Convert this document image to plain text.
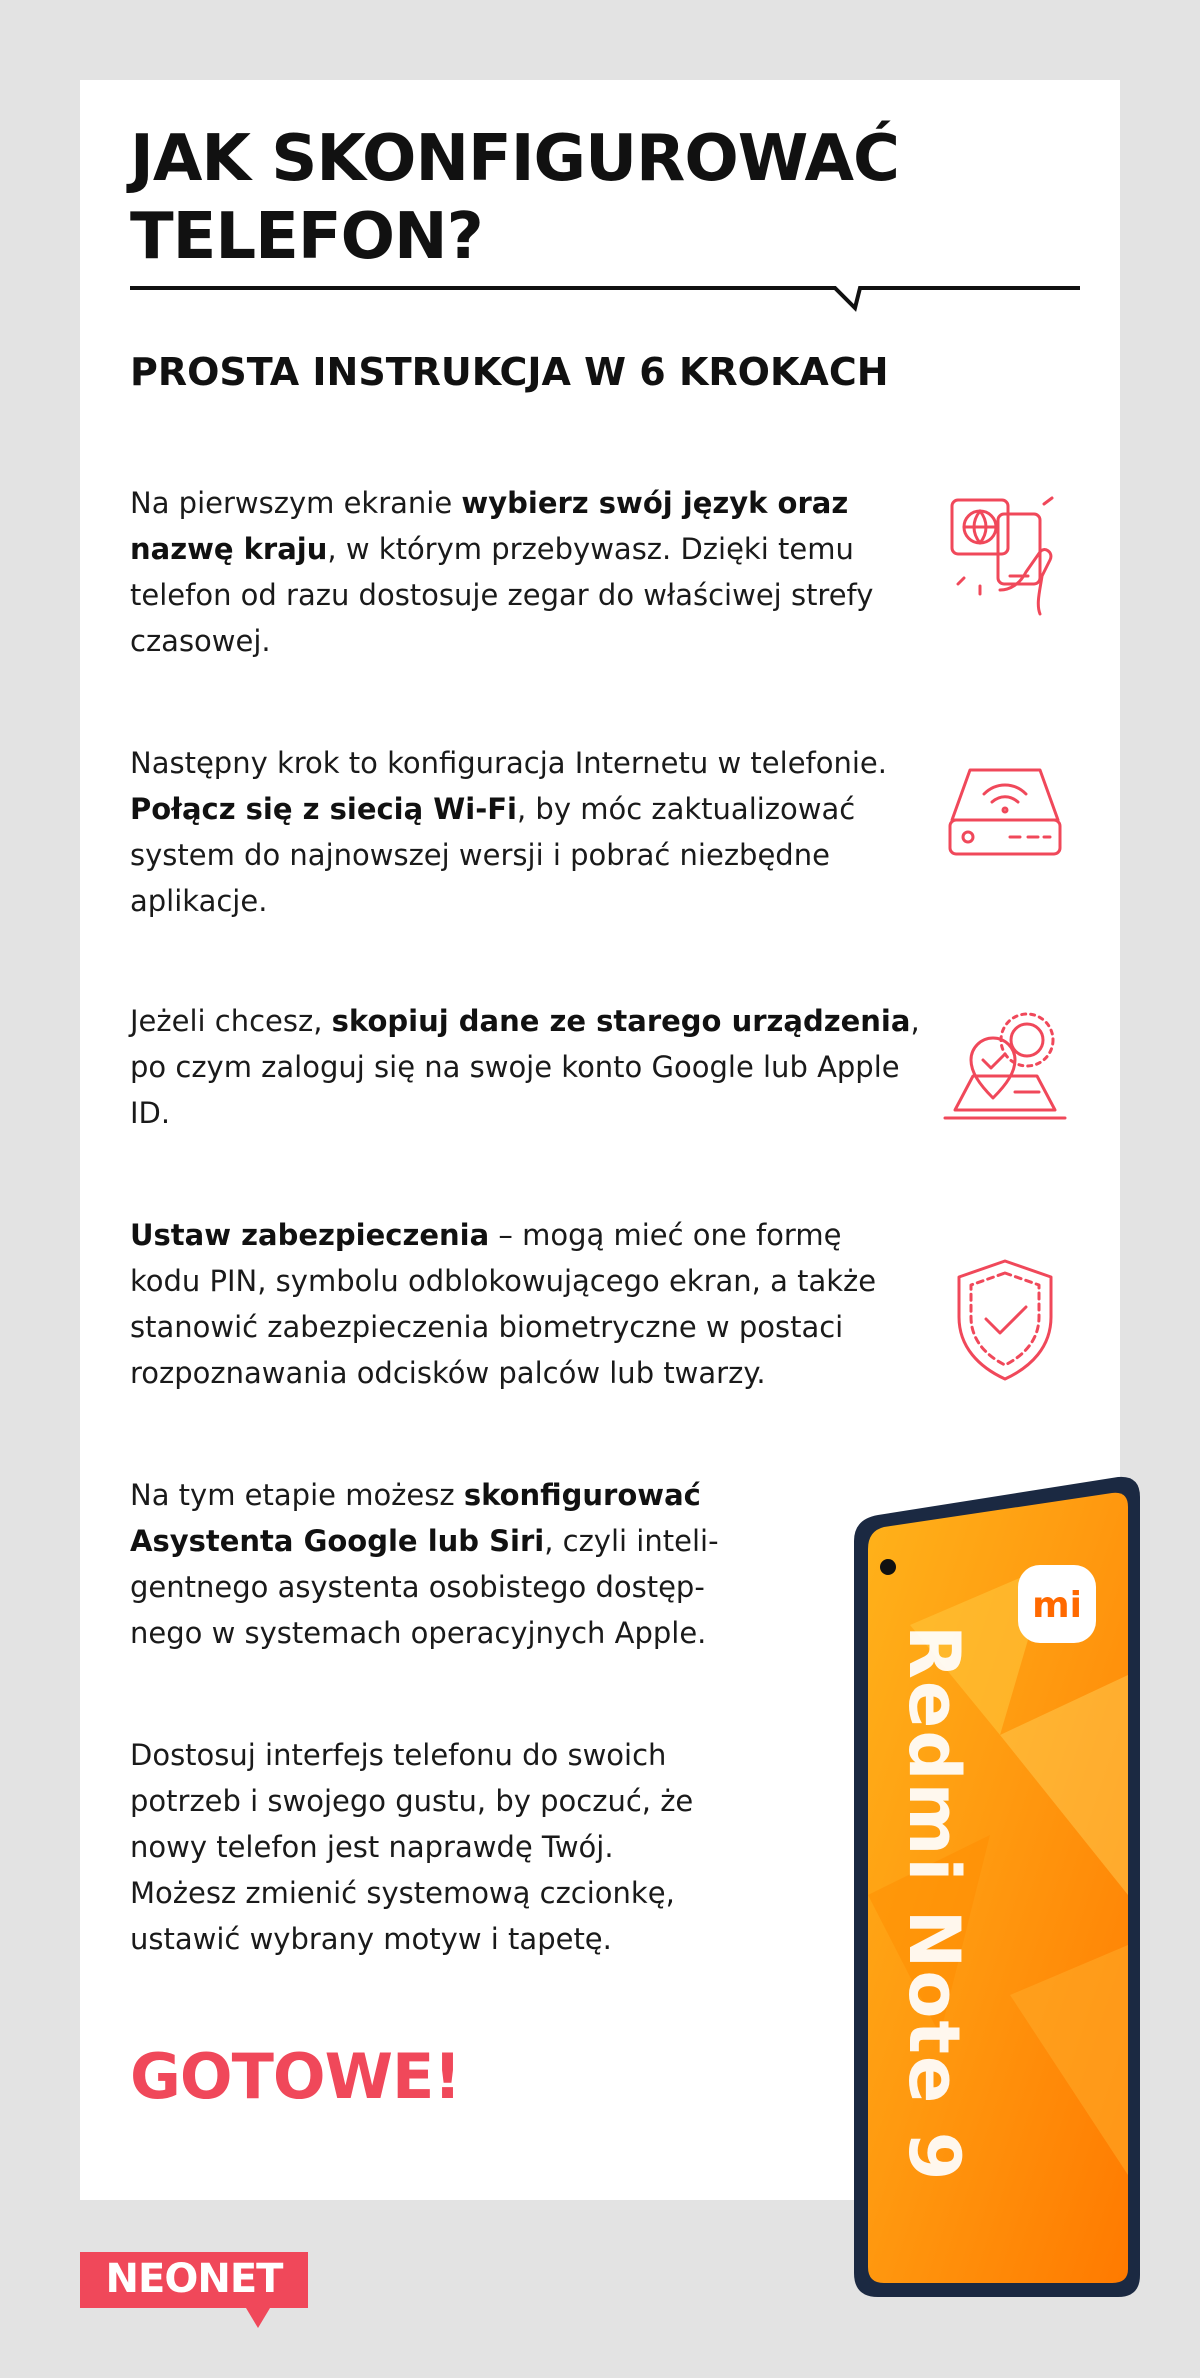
JAK SKONFIGUROWAĆ
TELEFON?
PROSTA INSTRUKCJA W 6 KROKACH
Na pierwszym ekranie wybierz swój język oraz nazwę kraju, w którym przebywasz. Dzięki temu telefon od razu dostosuje zegar do właściwej strefy czasowej.
Następny krok to konfiguracja Internetu w telefonie. Połącz się z siecią Wi-Fi, by móc zaktualizować system do najnowszej wersji i pobrać niezbędne aplikacje.
Jeżeli chcesz, skopiuj dane ze starego urządzenia, po czym zaloguj się na swoje konto Google lub Apple ID.
Ustaw zabezpieczenia – mogą mieć one formę kodu PIN, symbolu odblokowującego ekran, a także stanowić zabezpieczenia biometryczne w postaci rozpoznawania odcisków palców lub twarzy.
Na tym etapie możesz skonfigurować Asystenta Google lub Siri, czyli inteli-gentnego asystenta osobistego dostęp-nego w systemach operacyjnych Apple.
Dostosuj interfejs telefonu do swoich potrzeb i swojego gustu, by poczuć, że nowy telefon jest naprawdę Twój. Możesz zmienić systemową czcionkę, ustawić wybrany motyw i tapetę.
GOTOWE!
mi
Redmi Note 9
NEONET
